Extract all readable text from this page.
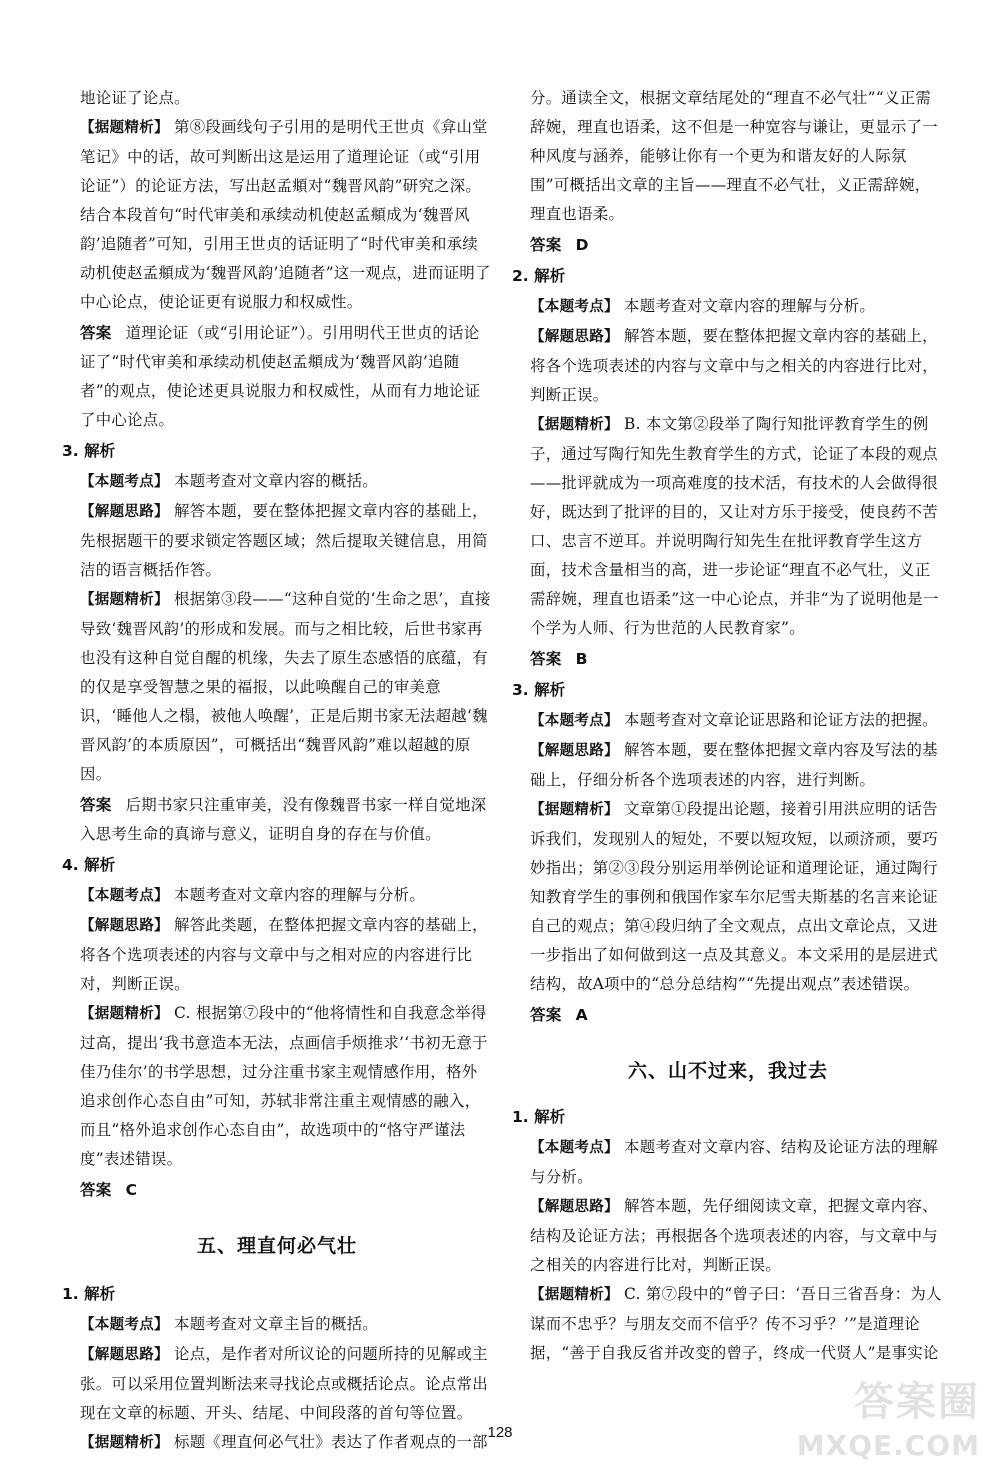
地论证了论点。
【据题精析】 第⑧段画线句子引用的是明代王世贞《弇山堂笔记》中的话，故可判断出这是运用了道理论证（或“引用论证”）的论证方法，写出赵孟頫对“魏晋风韵”研究之深。结合本段首句“时代审美和承续动机使赵孟頫成为‘魏晋风韵’追随者”可知，引用王世贞的话证明了“时代审美和承续动机使赵孟頫成为‘魏晋风韵’追随者”这一观点，进而证明了中心论点，使论证更有说服力和权威性。
答案 道理论证（或“引用论证”）。引用明代王世贞的话论证了“时代审美和承续动机使赵孟頫成为‘魏晋风韵’追随者”的观点，使论述更具说服力和权威性，从而有力地论证了中心论点。
3. 解析
【本题考点】 本题考查对文章内容的概括。
【解题思路】 解答本题，要在整体把握文章内容的基础上，先根据题干的要求锁定答题区域；然后提取关键信息，用简洁的语言概括作答。
【据题精析】 根据第③段——“这种自觉的‘生命之思’，直接导致‘魏晋风韵’的形成和发展。而与之相比较，后世书家再也没有这种自觉自醒的机缘，失去了原生态感悟的底蕴，有的仅是享受智慧之果的福报，以此唤醒自己的审美意识，‘睡他人之榻，被他人唤醒’，正是后期书家无法超越‘魏晋风韵’的本质原因”，可概括出“魏晋风韵”难以超越的原因。
答案 后期书家只注重审美，没有像魏晋书家一样自觉地深入思考生命的真谛与意义，证明自身的存在与价值。
4. 解析
【本题考点】 本题考查对文章内容的理解与分析。
【解题思路】 解答此类题，在整体把握文章内容的基础上，将各个选项表述的内容与文章中与之相对应的内容进行比对，判断正误。
【据题精析】 C. 根据第⑦段中的“他将情性和自我意念举得过高，提出‘我书意造本无法，点画信手烦推求’‘书初无意于佳乃佳尔’的书学思想，过分注重书家主观情感作用，格外追求创作心态自由”可知，苏轼非常注重主观情感的融入，而且“格外追求创作心态自由”，故选项中的“恪守严谨法度”表述错误。
答案 C
五、理直何必气壮
1. 解析
【本题考点】 本题考查对文章主旨的概括。
【解题思路】 论点，是作者对所议论的问题所持的见解或主张。可以采用位置判断法来寻找论点或概括论点。论点常出现在文章的标题、开头、结尾、中间段落的首句等位置。
【据题精析】 标题《理直何必气壮》表达了作者观点的一部
分。通读全文，根据文章结尾处的“理直不必气壮”“义正需辞婉，理直也语柔，这不但是一种宽容与谦让，更显示了一种风度与涵养，能够让你有一个更为和谐友好的人际氛围”可概括出文章的主旨——理直不必气壮，义正需辞婉，理直也语柔。
答案 D
2. 解析
【本题考点】 本题考查对文章内容的理解与分析。
【解题思路】 解答本题，要在整体把握文章内容的基础上，将各个选项表述的内容与文章中与之相关的内容进行比对，判断正误。
【据题精析】 B. 本文第②段举了陶行知批评教育学生的例子，通过写陶行知先生教育学生的方式，论证了本段的观点——批评就成为一项高难度的技术活，有技术的人会做得很好，既达到了批评的目的，又让对方乐于接受，使良药不苦口、忠言不逆耳。并说明陶行知先生在批评教育学生这方面，技术含量相当的高，进一步论证“理直不必气壮，义正需辞婉，理直也语柔”这一中心论点，并非“为了说明他是一个学为人师、行为世范的人民教育家”。
答案 B
3. 解析
【本题考点】 本题考查对文章论证思路和论证方法的把握。
【解题思路】 解答本题，要在整体把握文章内容及写法的基础上，仔细分析各个选项表述的内容，进行判断。
【据题精析】 文章第①段提出论题，接着引用洪应明的话告诉我们，发现别人的短处，不要以短攻短，以顽济顽，要巧妙指出；第②③段分别运用举例论证和道理论证，通过陶行知教育学生的事例和俄国作家车尔尼雪夫斯基的名言来论证自己的观点；第④段归纳了全文观点，点出文章论点，又进一步指出了如何做到这一点及其意义。本文采用的是层进式结构，故A项中的“总分总结构”“先提出观点”表述错误。
答案 A
六、山不过来，我过去
1. 解析
【本题考点】 本题考查对文章内容、结构及论证方法的理解与分析。
【解题思路】 解答本题，先仔细阅读文章，把握文章内容、结构及论证方法；再根据各个选项表述的内容，与文章中与之相关的内容进行比对，判断正误。
【据题精析】 C. 第⑦段中的“曾子曰：‘吾日三省吾身：为人谋而不忠乎？与朋友交而不信乎？传不习乎？’”是道理论据，“善于自我反省并改变的曾子，终成一代贤人”是事实论
128
答案圈
MXQE.COM
